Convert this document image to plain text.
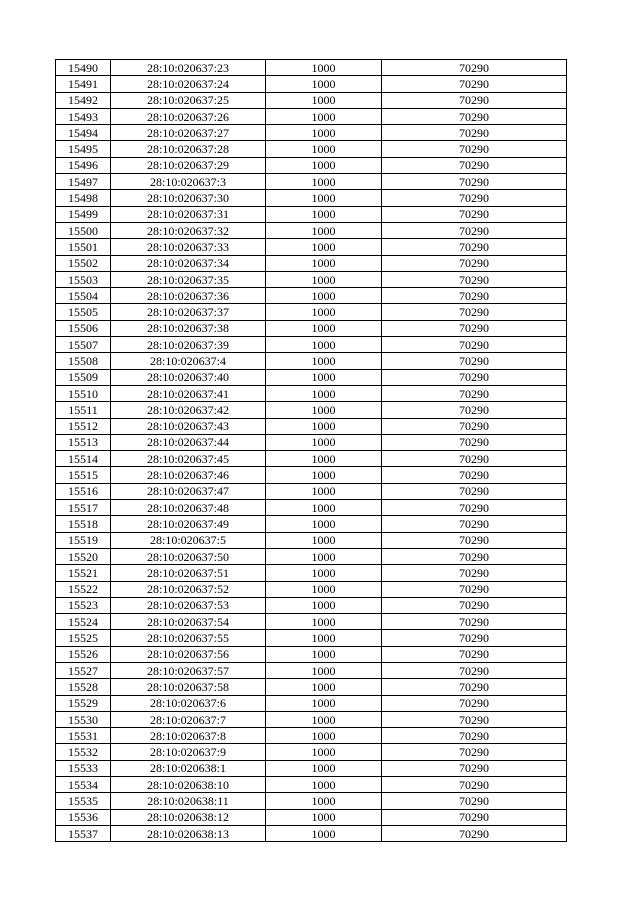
15490	28:10:020637:23	1000	70290
15491	28:10:020637:24	1000	70290
15492	28:10:020637:25	1000	70290
15493	28:10:020637:26	1000	70290
15494	28:10:020637:27	1000	70290
15495	28:10:020637:28	1000	70290
15496	28:10:020637:29	1000	70290
15497	28:10:020637:3	1000	70290
15498	28:10:020637:30	1000	70290
15499	28:10:020637:31	1000	70290
15500	28:10:020637:32	1000	70290
15501	28:10:020637:33	1000	70290
15502	28:10:020637:34	1000	70290
15503	28:10:020637:35	1000	70290
15504	28:10:020637:36	1000	70290
15505	28:10:020637:37	1000	70290
15506	28:10:020637:38	1000	70290
15507	28:10:020637:39	1000	70290
15508	28:10:020637:4	1000	70290
15509	28:10:020637:40	1000	70290
15510	28:10:020637:41	1000	70290
15511	28:10:020637:42	1000	70290
15512	28:10:020637:43	1000	70290
15513	28:10:020637:44	1000	70290
15514	28:10:020637:45	1000	70290
15515	28:10:020637:46	1000	70290
15516	28:10:020637:47	1000	70290
15517	28:10:020637:48	1000	70290
15518	28:10:020637:49	1000	70290
15519	28:10:020637:5	1000	70290
15520	28:10:020637:50	1000	70290
15521	28:10:020637:51	1000	70290
15522	28:10:020637:52	1000	70290
15523	28:10:020637:53	1000	70290
15524	28:10:020637:54	1000	70290
15525	28:10:020637:55	1000	70290
15526	28:10:020637:56	1000	70290
15527	28:10:020637:57	1000	70290
15528	28:10:020637:58	1000	70290
15529	28:10:020637:6	1000	70290
15530	28:10:020637:7	1000	70290
15531	28:10:020637:8	1000	70290
15532	28:10:020637:9	1000	70290
15533	28:10:020638:1	1000	70290
15534	28:10:020638:10	1000	70290
15535	28:10:020638:11	1000	70290
15536	28:10:020638:12	1000	70290
15537	28:10:020638:13	1000	70290
